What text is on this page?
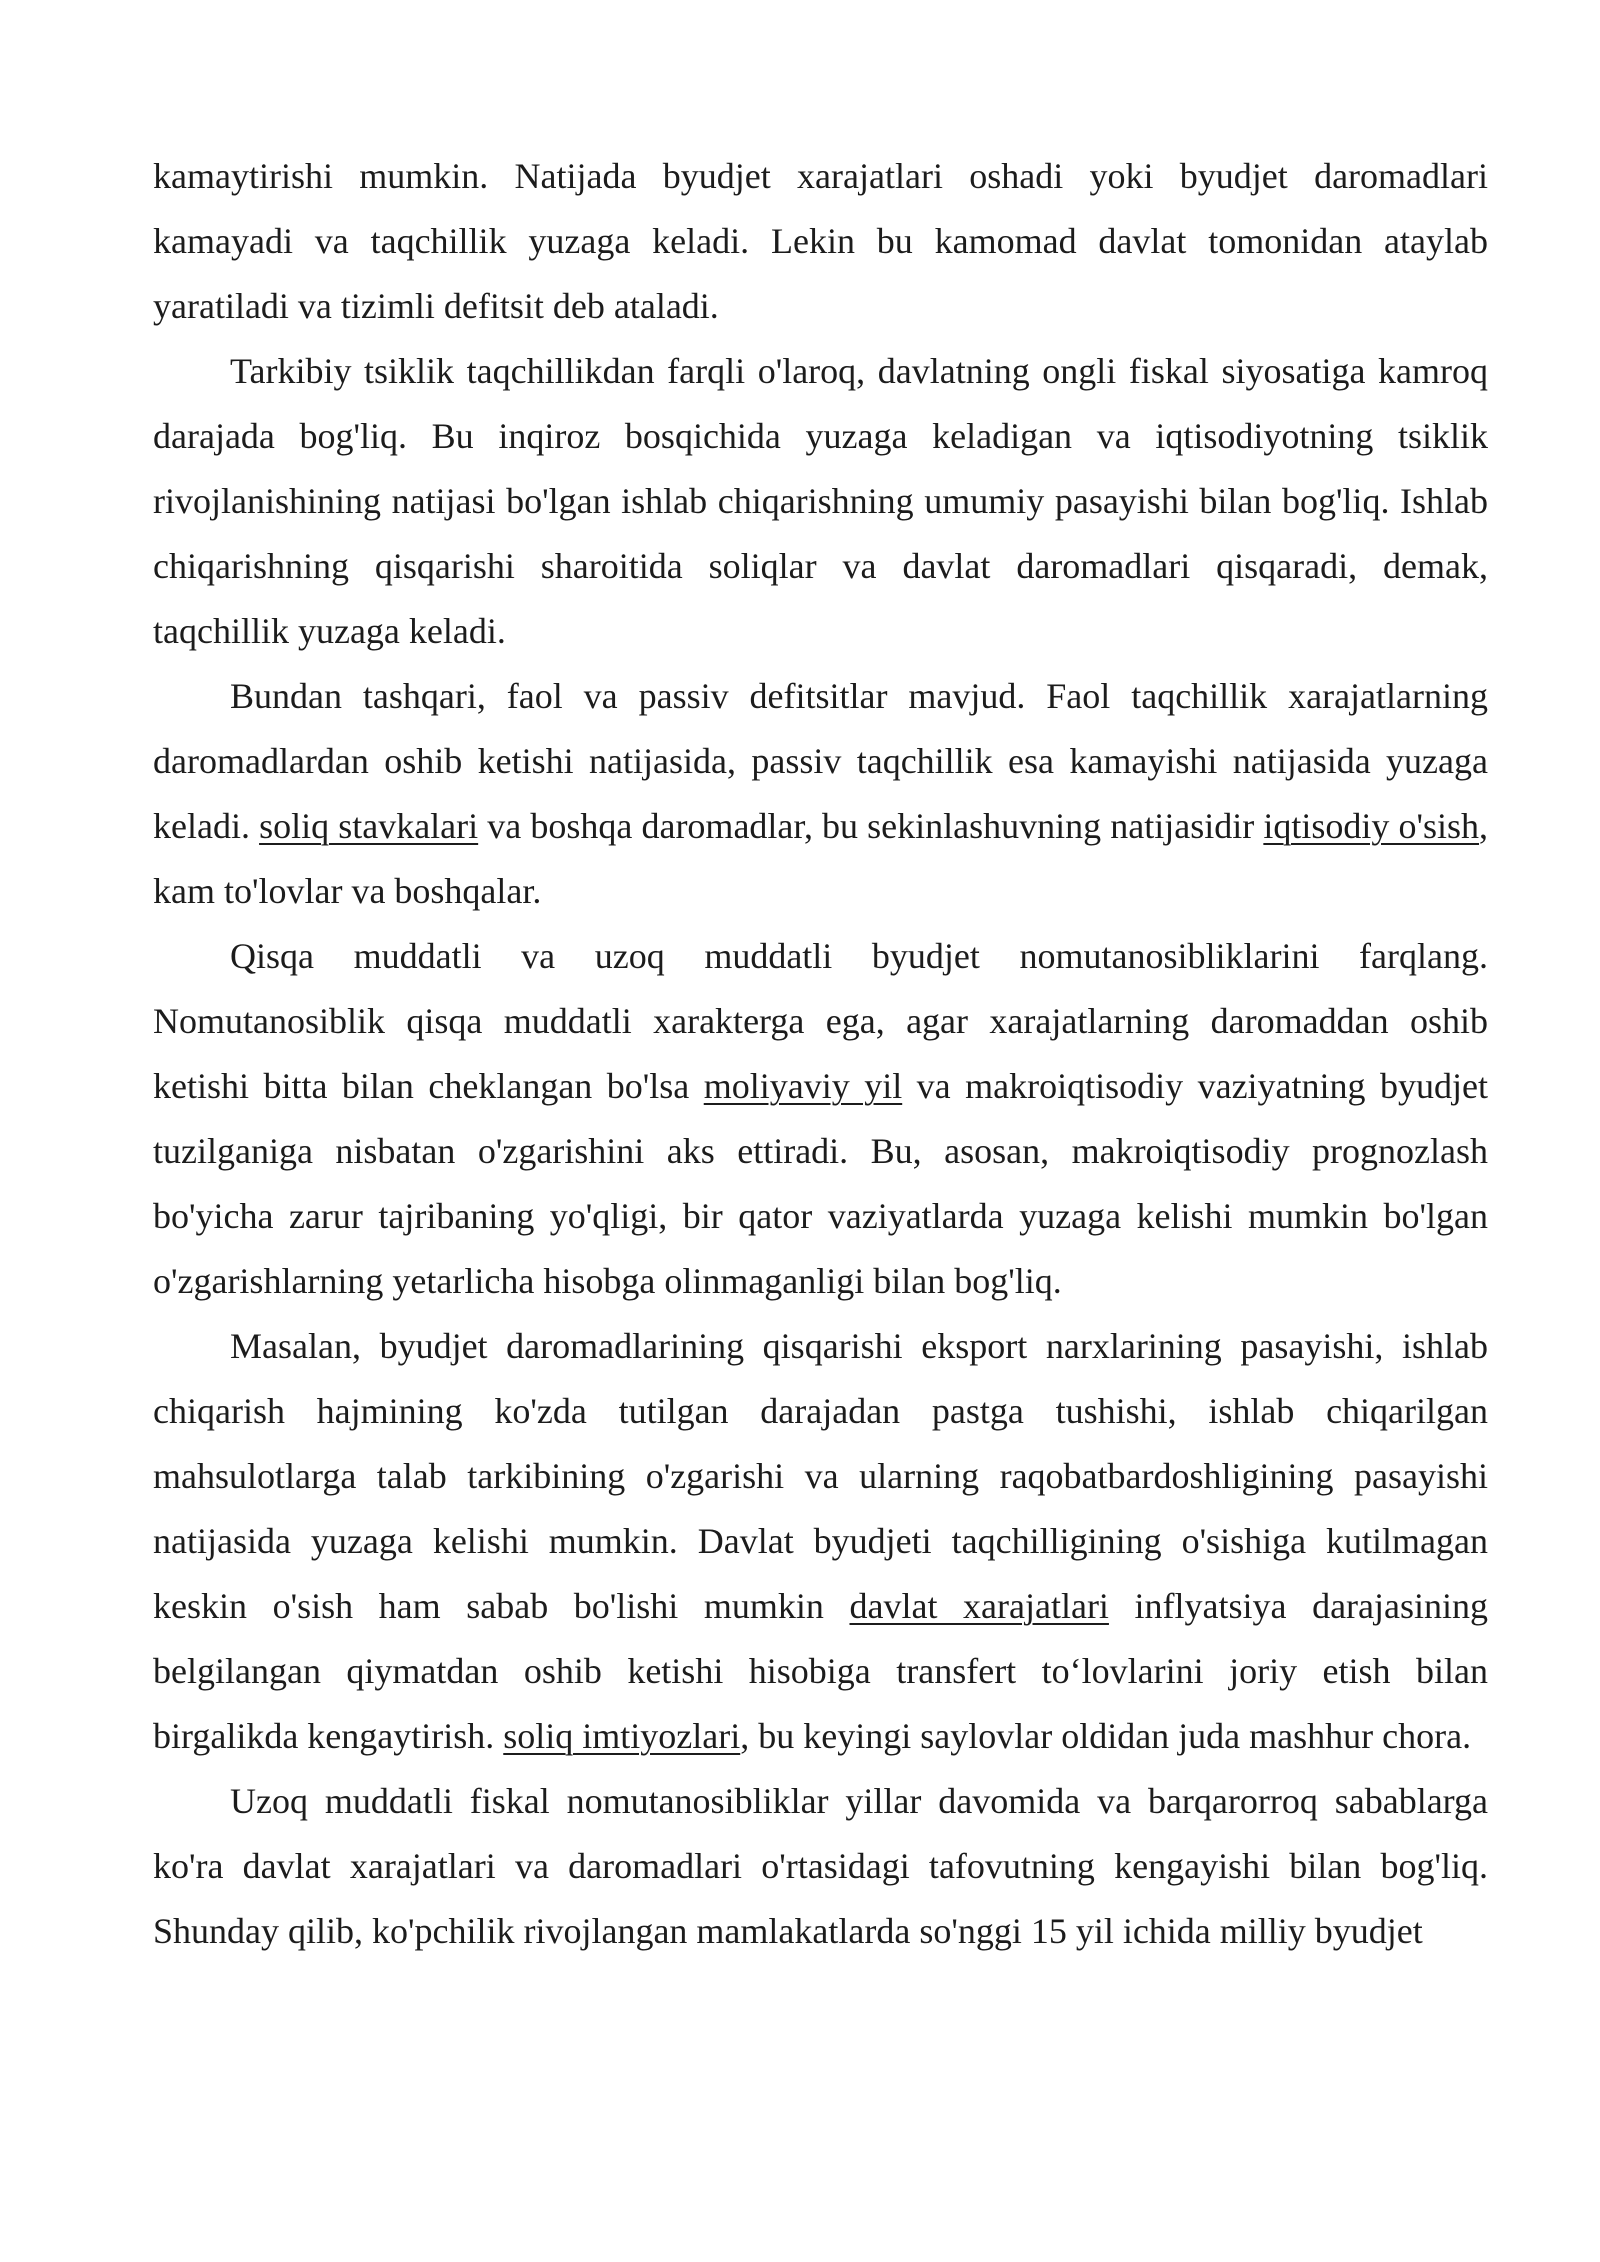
kamaytirishi mumkin. Natijada byudjet xarajatlari oshadi yoki byudjet daromadlari kamayadi va taqchillik yuzaga keladi. Lekin bu kamomad davlat tomonidan ataylab yaratiladi va tizimli defitsit deb ataladi.

Tarkibiy tsiklik taqchillikdan farqli o'laroq, davlatning ongli fiskal siyosatiga kamroq darajada bog'liq. Bu inqiroz bosqichida yuzaga keladigan va iqtisodiyotning tsiklik rivojlanishining natijasi bo'lgan ishlab chiqarishning umumiy pasayishi bilan bog'liq. Ishlab chiqarishning qisqarishi sharoitida soliqlar va davlat daromadlari qisqaradi, demak, taqchillik yuzaga keladi.

Bundan tashqari, faol va passiv defitsitlar mavjud. Faol taqchillik xarajatlarning daromadlardan oshib ketishi natijasida, passiv taqchillik esa kamayishi natijasida yuzaga keladi. soliq stavkalari va boshqa daromadlar, bu sekinlashuvning natijasidir iqtisodiy o'sish, kam to'lovlar va boshqalar.

Qisqa muddatli va uzoq muddatli byudjet nomutanosibliklarini farqlang. Nomutanosiblik qisqa muddatli xarakterga ega, agar xarajatlarning daromaddan oshib ketishi bitta bilan cheklangan bo'lsa moliyaviy yil va makroiqtisodiy vaziyatning byudjet tuzilganiga nisbatan o'zgarishini aks ettiradi. Bu, asosan, makroiqtisodiy prognozlash bo'yicha zarur tajribaning yo'qligi, bir qator vaziyatlarda yuzaga kelishi mumkin bo'lgan o'zgarishlarning yetarlicha hisobga olinmaganligi bilan bog'liq.

Masalan, byudjet daromadlarining qisqarishi eksport narxlarining pasayishi, ishlab chiqarish hajmining ko'zda tutilgan darajadan pastga tushishi, ishlab chiqarilgan mahsulotlarga talab tarkibining o'zgarishi va ularning raqobatbardoshligining pasayishi natijasida yuzaga kelishi mumkin. Davlat byudjeti taqchilligining o'sishiga kutilmagan keskin o'sish ham sabab bo'lishi mumkin davlat xarajatlari inflyatsiya darajasining belgilangan qiymatdan oshib ketishi hisobiga transfert to‘lovlarini joriy etish bilan birgalikda kengaytirish. soliq imtiyozlari, bu keyingi saylovlar oldidan juda mashhur chora.

Uzoq muddatli fiskal nomutanosibliklar yillar davomida va barqarorroq sabablarga ko'ra davlat xarajatlari va daromadlari o'rtasidagi tafovutning kengayishi bilan bog'liq. Shunday qilib, ko'pchilik rivojlangan mamlakatlarda so'nggi 15 yil ichida milliy byudjet
